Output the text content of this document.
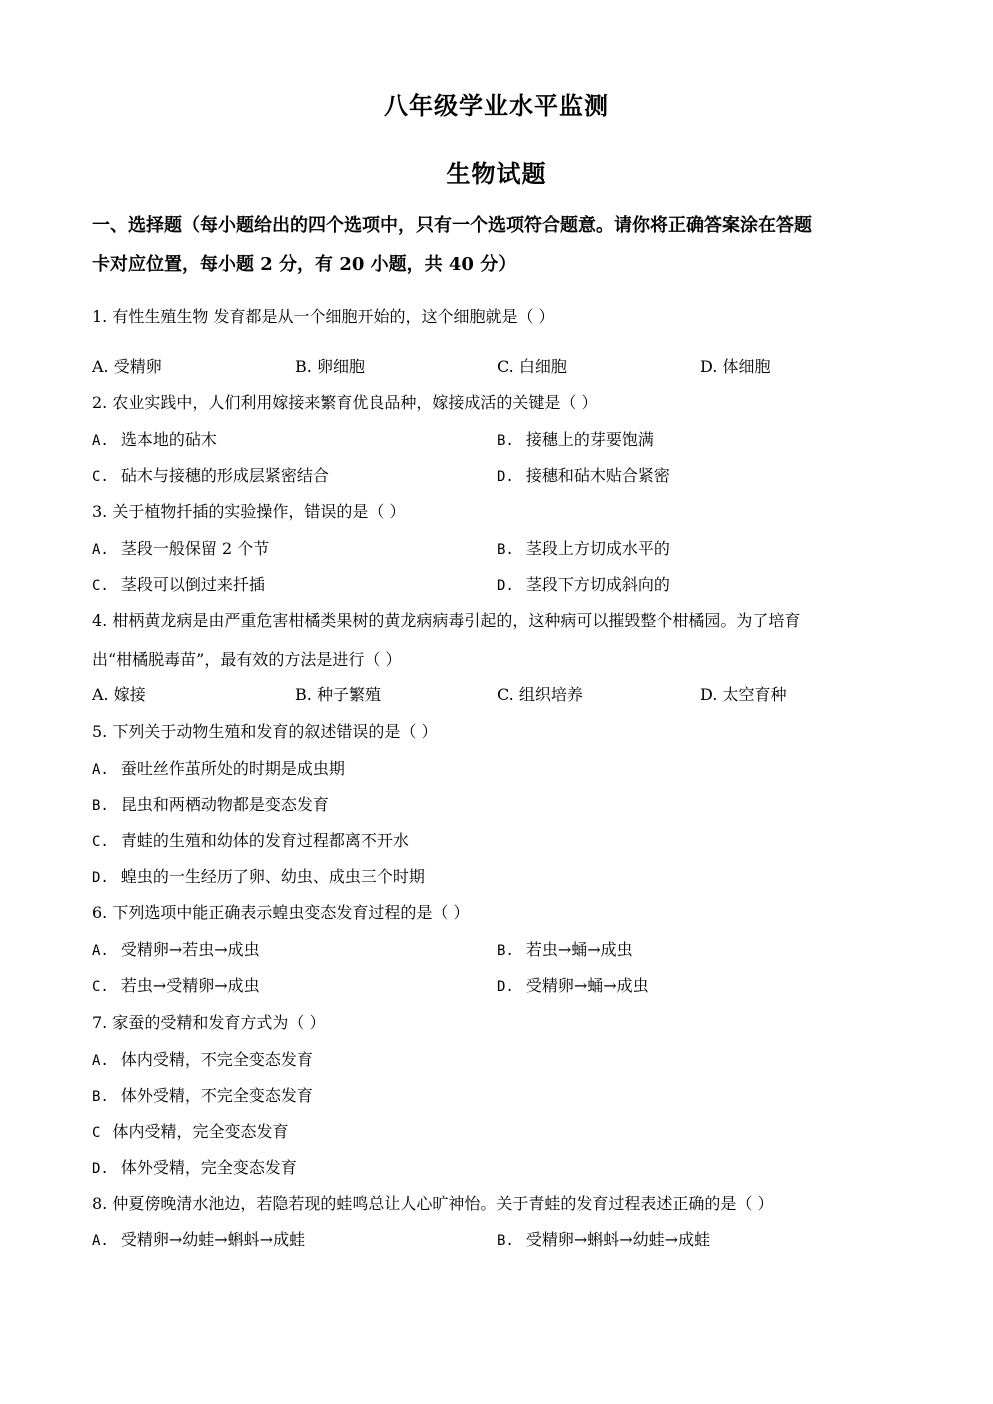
八年级学业水平监测
生物试题
一、选择题（每小题给出的四个选项中，只有一个选项符合题意。请你将正确答案涂在答题
卡对应位置，每小题 2 分，有 20 小题，共 40 分）
1. 有性生殖生物 发育都是从一个细胞开始的，这个细胞就是（ ）
A. 受精卵	B. 卵细胞	C. 白细胞	D. 体细胞
2. 农业实践中，人们利用嫁接来繁育优良品种，嫁接成活的关键是（ ）
A. 选本地的砧木	B. 接穗上的芽要饱满
C. 砧木与接穗的形成层紧密结合	D. 接穗和砧木贴合紧密
3. 关于植物扦插的实验操作，错误的是（ ）
A. 茎段一般保留 2 个节	B. 茎段上方切成水平的
C. 茎段可以倒过来扦插	D. 茎段下方切成斜向的
4. 柑柄黄龙病是由严重危害柑橘类果树的黄龙病病毒引起的，这种病可以摧毁整个柑橘园。为了培育
出“柑橘脱毒苗”，最有效的方法是进行（ ）
A. 嫁接	B. 种子繁殖	C. 组织培养	D. 太空育种
5. 下列关于动物生殖和发育的叙述错误的是（ ）
A. 蚕吐丝作茧所处的时期是成虫期
B. 昆虫和两栖动物都是变态发育
C. 青蛙的生殖和幼体的发育过程都离不开水
D. 蝗虫的一生经历了卵、幼虫、成虫三个时期
6. 下列选项中能正确表示蝗虫变态发育过程的是（ ）
A. 受精卵→若虫→成虫	B. 若虫→蛹→成虫
C. 若虫→受精卵→成虫	D. 受精卵→蛹→成虫
7. 家蚕的受精和发育方式为（ ）
A. 体内受精，不完全变态发育
B. 体外受精，不完全变态发育
C 体内受精，完全变态发育
D. 体外受精，完全变态发育
8. 仲夏傍晚清水池边，若隐若现的蛙鸣总让人心旷神怡。关于青蛙的发育过程表述正确的是（ ）
A. 受精卵→幼蛙→蝌蚪→成蛙	B. 受精卵→蝌蚪→幼蛙→成蛙
